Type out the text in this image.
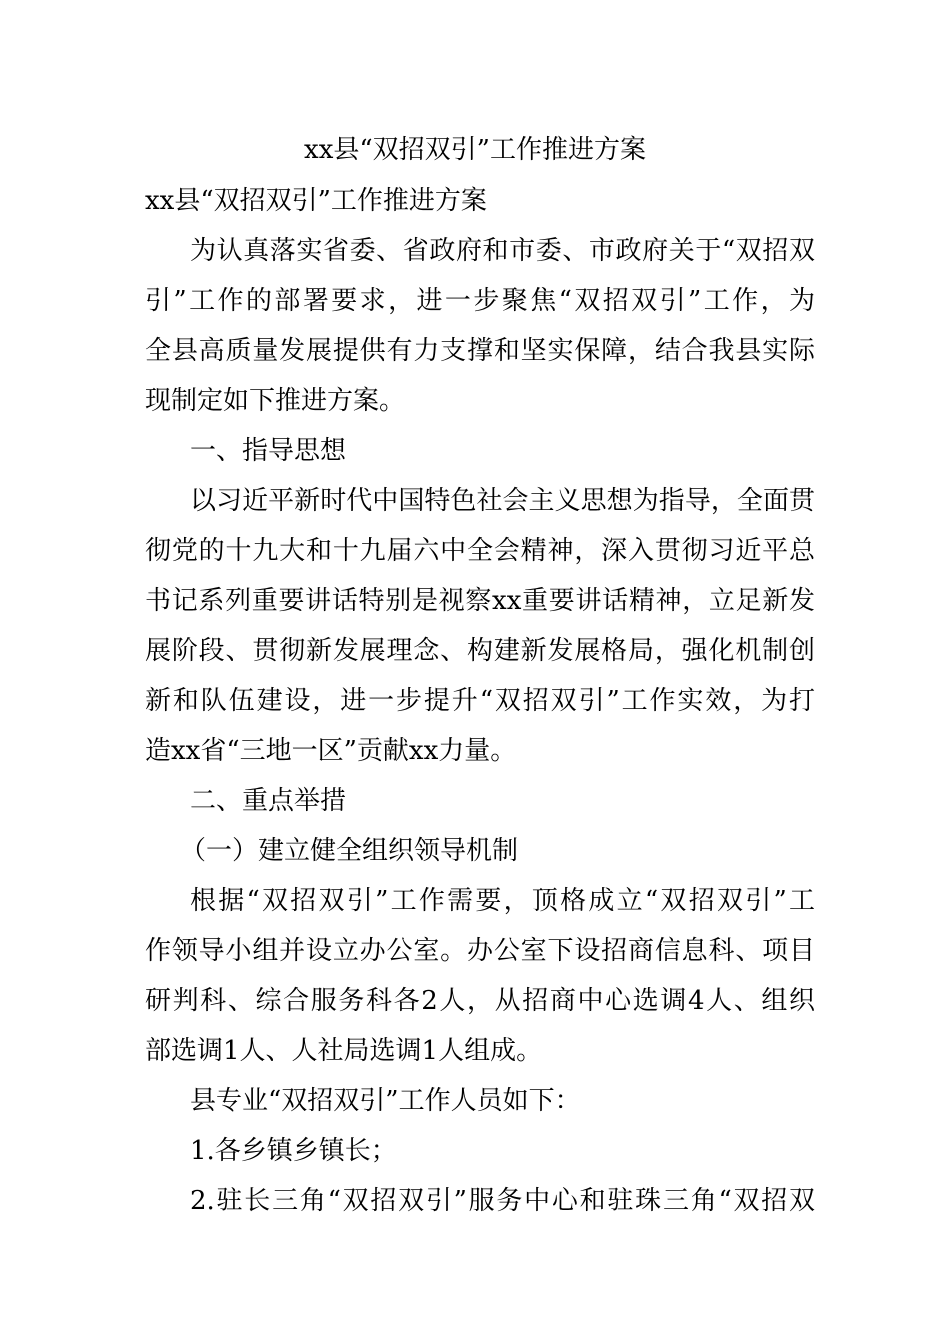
xx县“双招双引”工作推进方案

xx县“双招双引”工作推进方案

为认真落实省委、省政府和市委、市政府关于“双招双

引”工作的部署要求，进一步聚焦“双招双引”工作，为

全县高质量发展提供有力支撑和坚实保障，结合我县实际

现制定如下推进方案。

一、指导思想

以习近平新时代中国特色社会主义思想为指导，全面贯

彻党的十九大和十九届六中全会精神，深入贯彻习近平总

书记系列重要讲话特别是视察xx重要讲话精神，立足新发

展阶段、贯彻新发展理念、构建新发展格局，强化机制创

新和队伍建设，进一步提升“双招双引”工作实效，为打

造xx省“三地一区”贡献xx力量。

二、重点举措

（一）建立健全组织领导机制

根据“双招双引”工作需要，顶格成立“双招双引”工

作领导小组并设立办公室。办公室下设招商信息科、项目

研判科、综合服务科各2人，从招商中心选调4人、组织

部选调1人、人社局选调1人组成。

县专业“双招双引”工作人员如下：

1.各乡镇乡镇长；

2.驻长三角“双招双引”服务中心和驻珠三角“双招双
